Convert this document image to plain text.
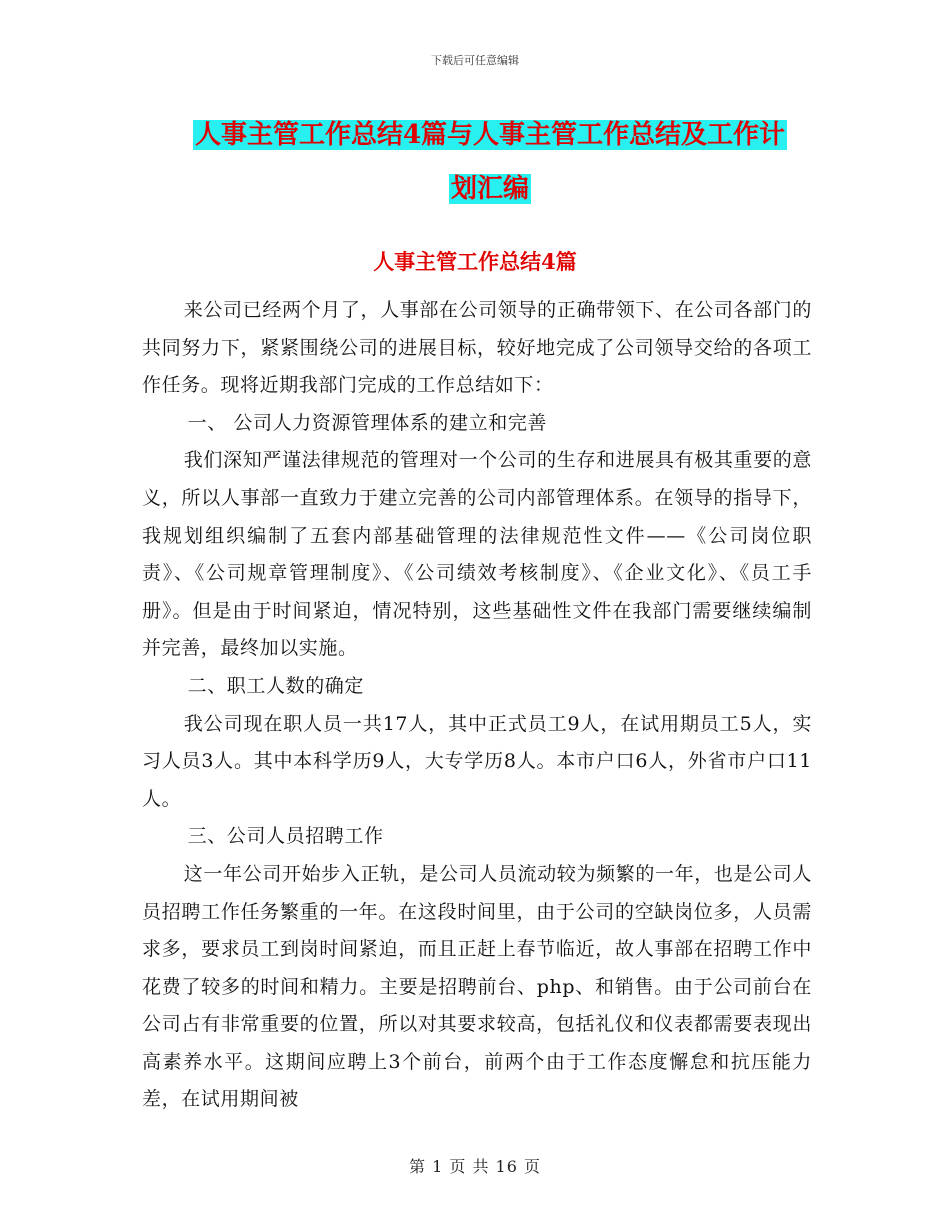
下载后可任意编辑
人事主管工作总结4篇与人事主管工作总结及工作计
划汇编
人事主管工作总结4篇

来公司已经两个月了，人事部在公司领导的正确带领下、在公司各部门的共同努力下，紧紧围绕公司的进展目标，较好地完成了公司领导交给的各项工作任务。现将近期我部门完成的工作总结如下：

一、 公司人力资源管理体系的建立和完善

我们深知严谨法律规范的管理对一个公司的生存和进展具有极其重要的意义，所以人事部一直致力于建立完善的公司内部管理体系。在领导的指导下，我规划组织编制了五套内部基础管理的法律规范性文件——《公司岗位职责》、《公司规章管理制度》、《公司绩效考核制度》、《企业文化》、《员工手册》。但是由于时间紧迫，情况特别，这些基础性文件在我部门需要继续编制并完善，最终加以实施。

二、职工人数的确定

我公司现在职人员一共17人，其中正式员工9人，在试用期员工5人，实习人员3人。其中本科学历9人，大专学历8人。本市户口6人，外省市户口11人。

三、公司人员招聘工作

这一年公司开始步入正轨，是公司人员流动较为频繁的一年，也是公司人员招聘工作任务繁重的一年。在这段时间里，由于公司的空缺岗位多，人员需求多，要求员工到岗时间紧迫，而且正赶上春节临近，故人事部在招聘工作中花费了较多的时间和精力。主要是招聘前台、php、和销售。由于公司前台在公司占有非常重要的位置，所以对其要求较高，包括礼仪和仪表都需要表现出高素养水平。这期间应聘上3个前台，前两个由于工作态度懈怠和抗压能力差，在试用期间被

第 1 页 共 16 页
